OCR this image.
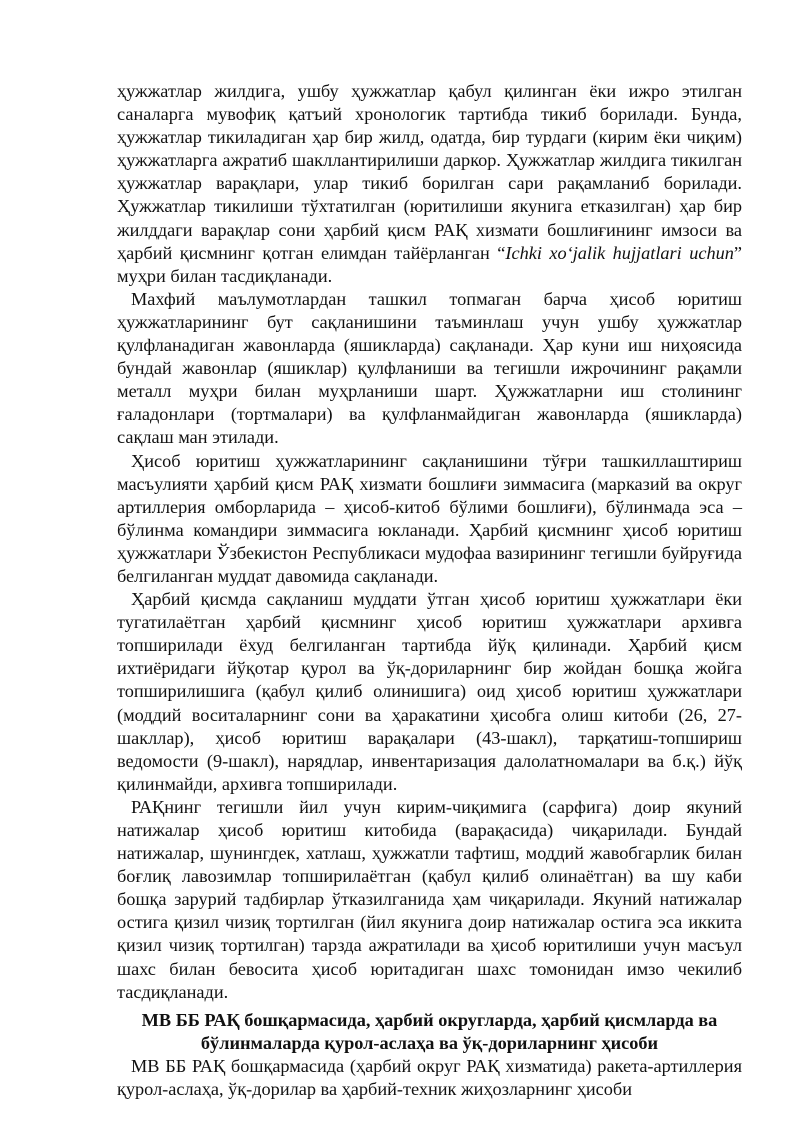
ҳужжатлар жилдига, ушбу ҳужжатлар қабул қилинган ёки ижро этилган саналарга мувофиқ қатъий хронологик тартибда тикиб борилади. Бунда, ҳужжатлар тикиладиган ҳар бир жилд, одатда, бир турдаги (кирим ёки чиқим) ҳужжатларга ажратиб шакллантирилиши даркор. Ҳужжатлар жилдига тикилган ҳужжатлар варақлари, улар тикиб борилган сари рақамланиб борилади. Ҳужжатлар тикилиши тўхтатилган (юритилиши якунига етказилган) ҳар бир жилддаги варақлар сони ҳарбий қисм РАҚ хизмати бошлиғининг имзоси ва ҳарбий қисмнинг қотган елимдан тайёрланган “Ichki xo‘jalik hujjatlari uchun” муҳри билан тасдиқланади.

Махфий маълумотлардан ташкил топмаган барча ҳисоб юритиш ҳужжатларининг бут сақланишини таъминлаш учун ушбу ҳужжатлар қулфланадиган жавонларда (яшикларда) сақланади. Ҳар куни иш ниҳоясида бундай жавонлар (яшиклар) қулфланиши ва тегишли ижрочининг рақамли металл муҳри билан муҳрланиши шарт. Ҳужжатларни иш столининг ғаладонлари (тортмалари) ва қулфланмайдиган жавонларда (яшикларда) сақлаш ман этилади.

Ҳисоб юритиш ҳужжатларининг сақланишини тўғри ташкиллаштириш масъулияти ҳарбий қисм РАҚ хизмати бошлиғи зиммасига (марказий ва округ артиллерия омборларида – ҳисоб-китоб бўлими бошлиғи), бўлинмада эса – бўлинма командири зиммасига юкланади. Ҳарбий қисмнинг ҳисоб юритиш ҳужжатлари Ўзбекистон Республикаси мудофаа вазирининг тегишли буйруғида белгиланган муддат давомида сақланади.

Ҳарбий қисмда сақланиш муддати ўтган ҳисоб юритиш ҳужжатлари ёки тугатилаётган ҳарбий қисмнинг ҳисоб юритиш ҳужжатлари архивга топширилади ёхуд белгиланган тартибда йўқ қилинади. Ҳарбий қисм ихтиёридаги йўқотар қурол ва ўқ-дориларнинг бир жойдан бошқа жойга топширилишига (қабул қилиб олинишига) оид ҳисоб юритиш ҳужжатлари (моддий воситаларнинг сони ва ҳаракатини ҳисобга олиш китоби (26, 27-шакллар), ҳисоб юритиш варақалари (43-шакл), тарқатиш-топшириш ведомости (9-шакл), нарядлар, инвентаризация далолатномалари ва б.қ.) йўқ қилинмайди, архивга топширилади.

РАҚнинг тегишли йил учун кирим-чиқимига (сарфига) доир якуний натижалар ҳисоб юритиш китобида (варақасида) чиқарилади. Бундай натижалар, шунингдек, хатлаш, ҳужжатли тафтиш, моддий жавобгарлик билан боғлиқ лавозимлар топширилаётган (қабул қилиб олинаётган) ва шу каби бошқа зарурий тадбирлар ўтказилганида ҳам чиқарилади. Якуний натижалар остига қизил чизиқ тортилган (йил якунига доир натижалар остига эса иккита қизил чизиқ тортилган) тарзда ажратилади ва ҳисоб юритилиши учун масъул шахс билан бевосита ҳисоб юритадиган шахс томонидан имзо чекилиб тасдиқланади.

МВ ББ РАҚ бошқармасида, ҳарбий округларда, ҳарбий қисмларда ва
бўлинмаларда қурол-аслаҳа ва ўқ-дориларнинг ҳисоби

МВ ББ РАҚ бошқармасида (ҳарбий округ РАҚ хизматида) ракета-артиллерия қурол-аслаҳа, ўқ-дорилар ва ҳарбий-техник жиҳозларнинг ҳисоби
